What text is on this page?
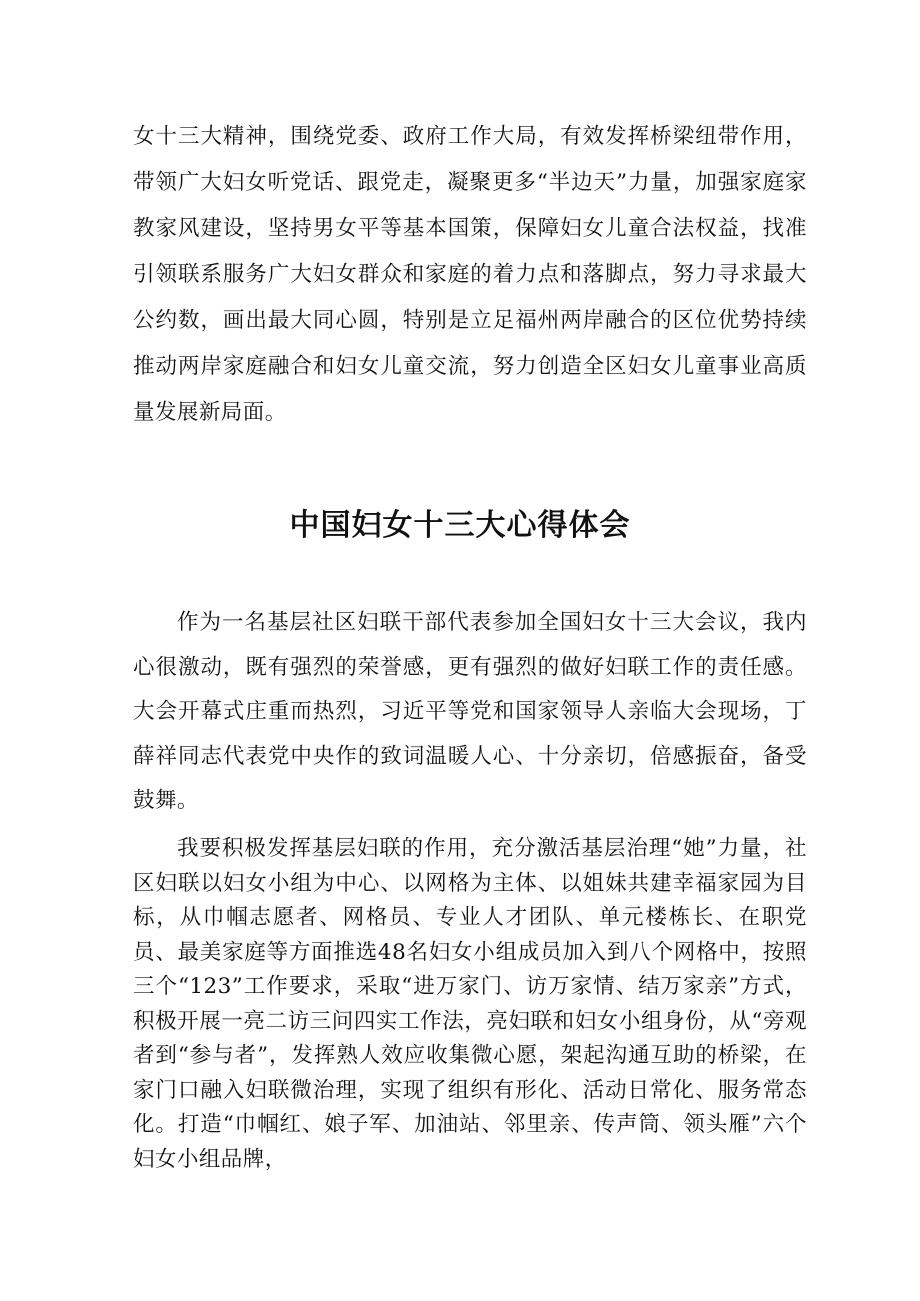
女十三大精神，围绕党委、政府工作大局，有效发挥桥梁纽带作用，带领广大妇女听党话、跟党走，凝聚更多“半边天”力量，加强家庭家教家风建设，坚持男女平等基本国策，保障妇女儿童合法权益，找准引领联系服务广大妇女群众和家庭的着力点和落脚点，努力寻求最大公约数，画出最大同心圆，特别是立足福州两岸融合的区位优势持续推动两岸家庭融合和妇女儿童交流，努力创造全区妇女儿童事业高质量发展新局面。

中国妇女十三大心得体会

作为一名基层社区妇联干部代表参加全国妇女十三大会议，我内心很激动，既有强烈的荣誉感，更有强烈的做好妇联工作的责任感。大会开幕式庄重而热烈，习近平等党和国家领导人亲临大会现场，丁薛祥同志代表党中央作的致词温暖人心、十分亲切，倍感振奋，备受鼓舞。

我要积极发挥基层妇联的作用，充分激活基层治理“她”力量，社区妇联以妇女小组为中心、以网格为主体、以姐妹共建幸福家园为目标，从巾帼志愿者、网格员、专业人才团队、单元楼栋长、在职党员、最美家庭等方面推选48名妇女小组成员加入到八个网格中，按照三个“123”工作要求，采取“进万家门、访万家情、结万家亲”方式，积极开展一亮二访三问四实工作法，亮妇联和妇女小组身份，从“旁观者到“参与者”，发挥熟人效应收集微心愿，架起沟通互助的桥梁，在家门口融入妇联微治理，实现了组织有形化、活动日常化、服务常态化。打造“巾帼红、娘子军、加油站、邻里亲、传声筒、领头雁”六个妇女小组品牌，
